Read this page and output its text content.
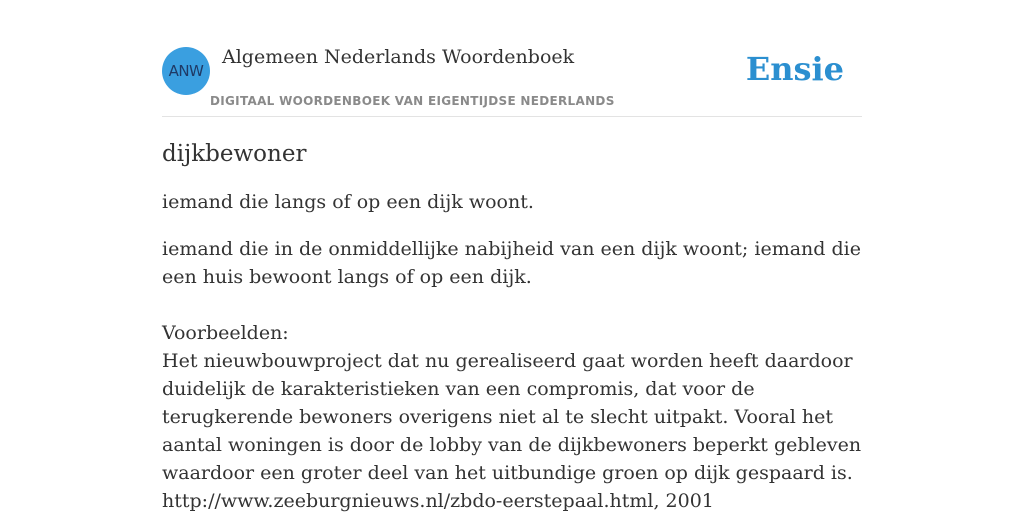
ANW
Algemeen Nederlands Woordenboek
DIGITAAL WOORDENBOEK VAN EIGENTIJDSE NEDERLANDS
Ensie
dijkbewoner

iemand die langs of op een dijk woont.

iemand die in de onmiddellijke nabijheid van een dijk woont; iemand die een huis bewoont langs of op een dijk.

Voorbeelden:

Het nieuwbouwproject dat nu gerealiseerd gaat worden heeft daardoor duidelijk de karakteristieken van een compromis, dat voor de terugkerende bewoners overigens niet al te slecht uitpakt. Vooral het aantal woningen is door de lobby van de dijkbewoners beperkt gebleven waardoor een groter deel van het uitbundige groen op dijk gespaard is.

http://www.zeeburgnieuws.nl/zbdo-eerstepaal.html, 2001
